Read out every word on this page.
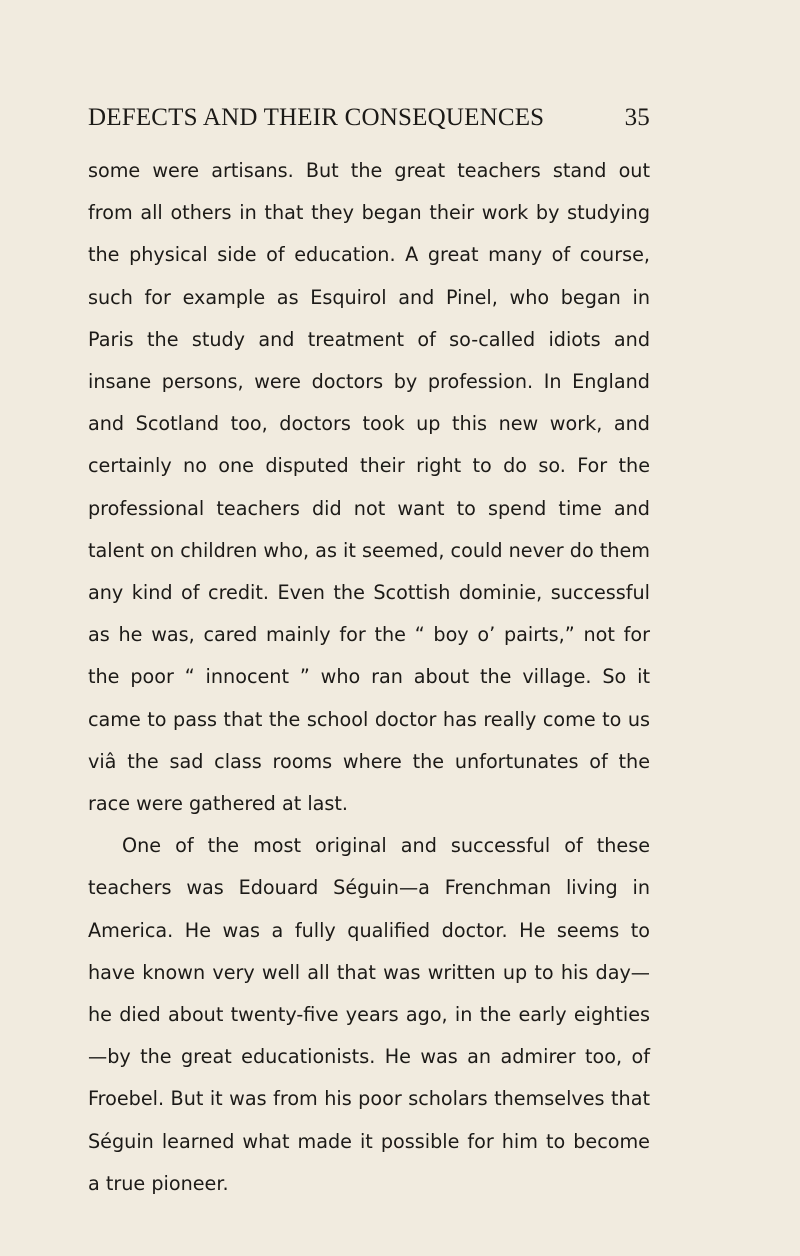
DEFECTS AND THEIR CONSEQUENCES	35

some were artisans. But the great teachers stand out from all others in that they began their work by studying the physical side of education. A great many of course, such for example as Esquirol and Pinel, who began in Paris the study and treatment of so-called idiots and insane persons, were doctors by profession. In England and Scotland too, doctors took up this new work, and certainly no one disputed their right to do so. For the professional teachers did not want to spend time and talent on children who, as it seemed, could never do them any kind of credit. Even the Scottish dominie, successful as he was, cared mainly for the “ boy o’ pairts,” not for the poor “ innocent ” who ran about the village. So it came to pass that the school doctor has really come to us viâ the sad class rooms where the unfortunates of the race were gathered at last.

One of the most original and successful of these teachers was Edouard Séguin—a Frenchman living in America. He was a fully qualified doctor. He seems to have known very well all that was written up to his day—he died about twenty-five years ago, in the early eighties—by the great educationists. He was an admirer too, of Froebel. But it was from his poor scholars themselves that Séguin learned what made it possible for him to become a true pioneer.
